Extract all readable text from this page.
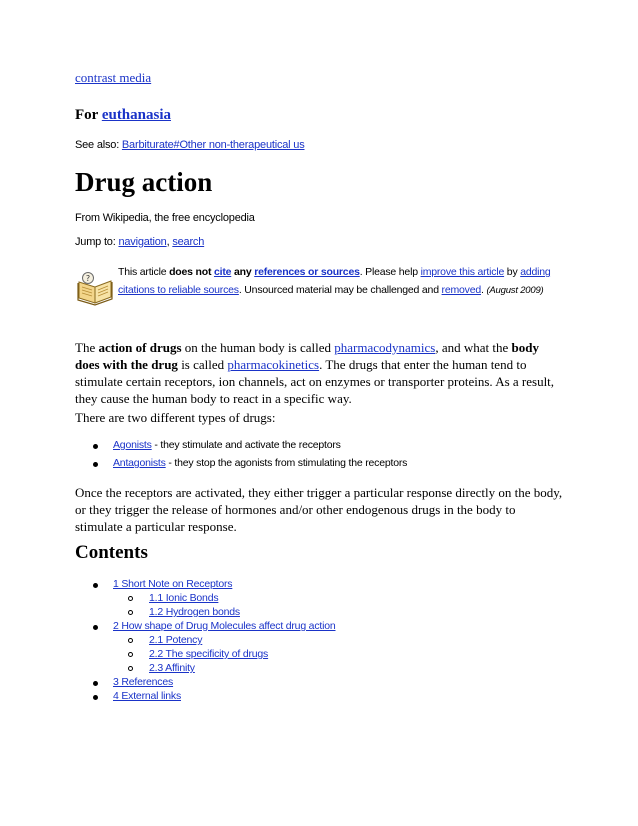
contrast media
For euthanasia
See also: Barbiturate#Other non-therapeutical us
Drug action
From Wikipedia, the free encyclopedia
Jump to: navigation, search
?
This article does not cite any references or sources. Please help improve this article by adding citations to reliable sources. Unsourced material may be challenged and removed. (August 2009)
The action of drugs on the human body is called pharmacodynamics, and what the body does with the drug is called pharmacokinetics. The drugs that enter the human tend to stimulate certain receptors, ion channels, act on enzymes or transporter proteins. As a result, they cause the human body to react in a specific way.
There are two different types of drugs:
Agonists - they stimulate and activate the receptors
Antagonists - they stop the agonists from stimulating the receptors
Once the receptors are activated, they either trigger a particular response directly on the body, or they trigger the release of hormones and/or other endogenous drugs in the body to stimulate a particular response.
Contents
1 Short Note on Receptors
1.1 Ionic Bonds
1.2 Hydrogen bonds
2 How shape of Drug Molecules affect drug action
2.1 Potency
2.2 The specificity of drugs
2.3 Affinity
3 References
4 External links
